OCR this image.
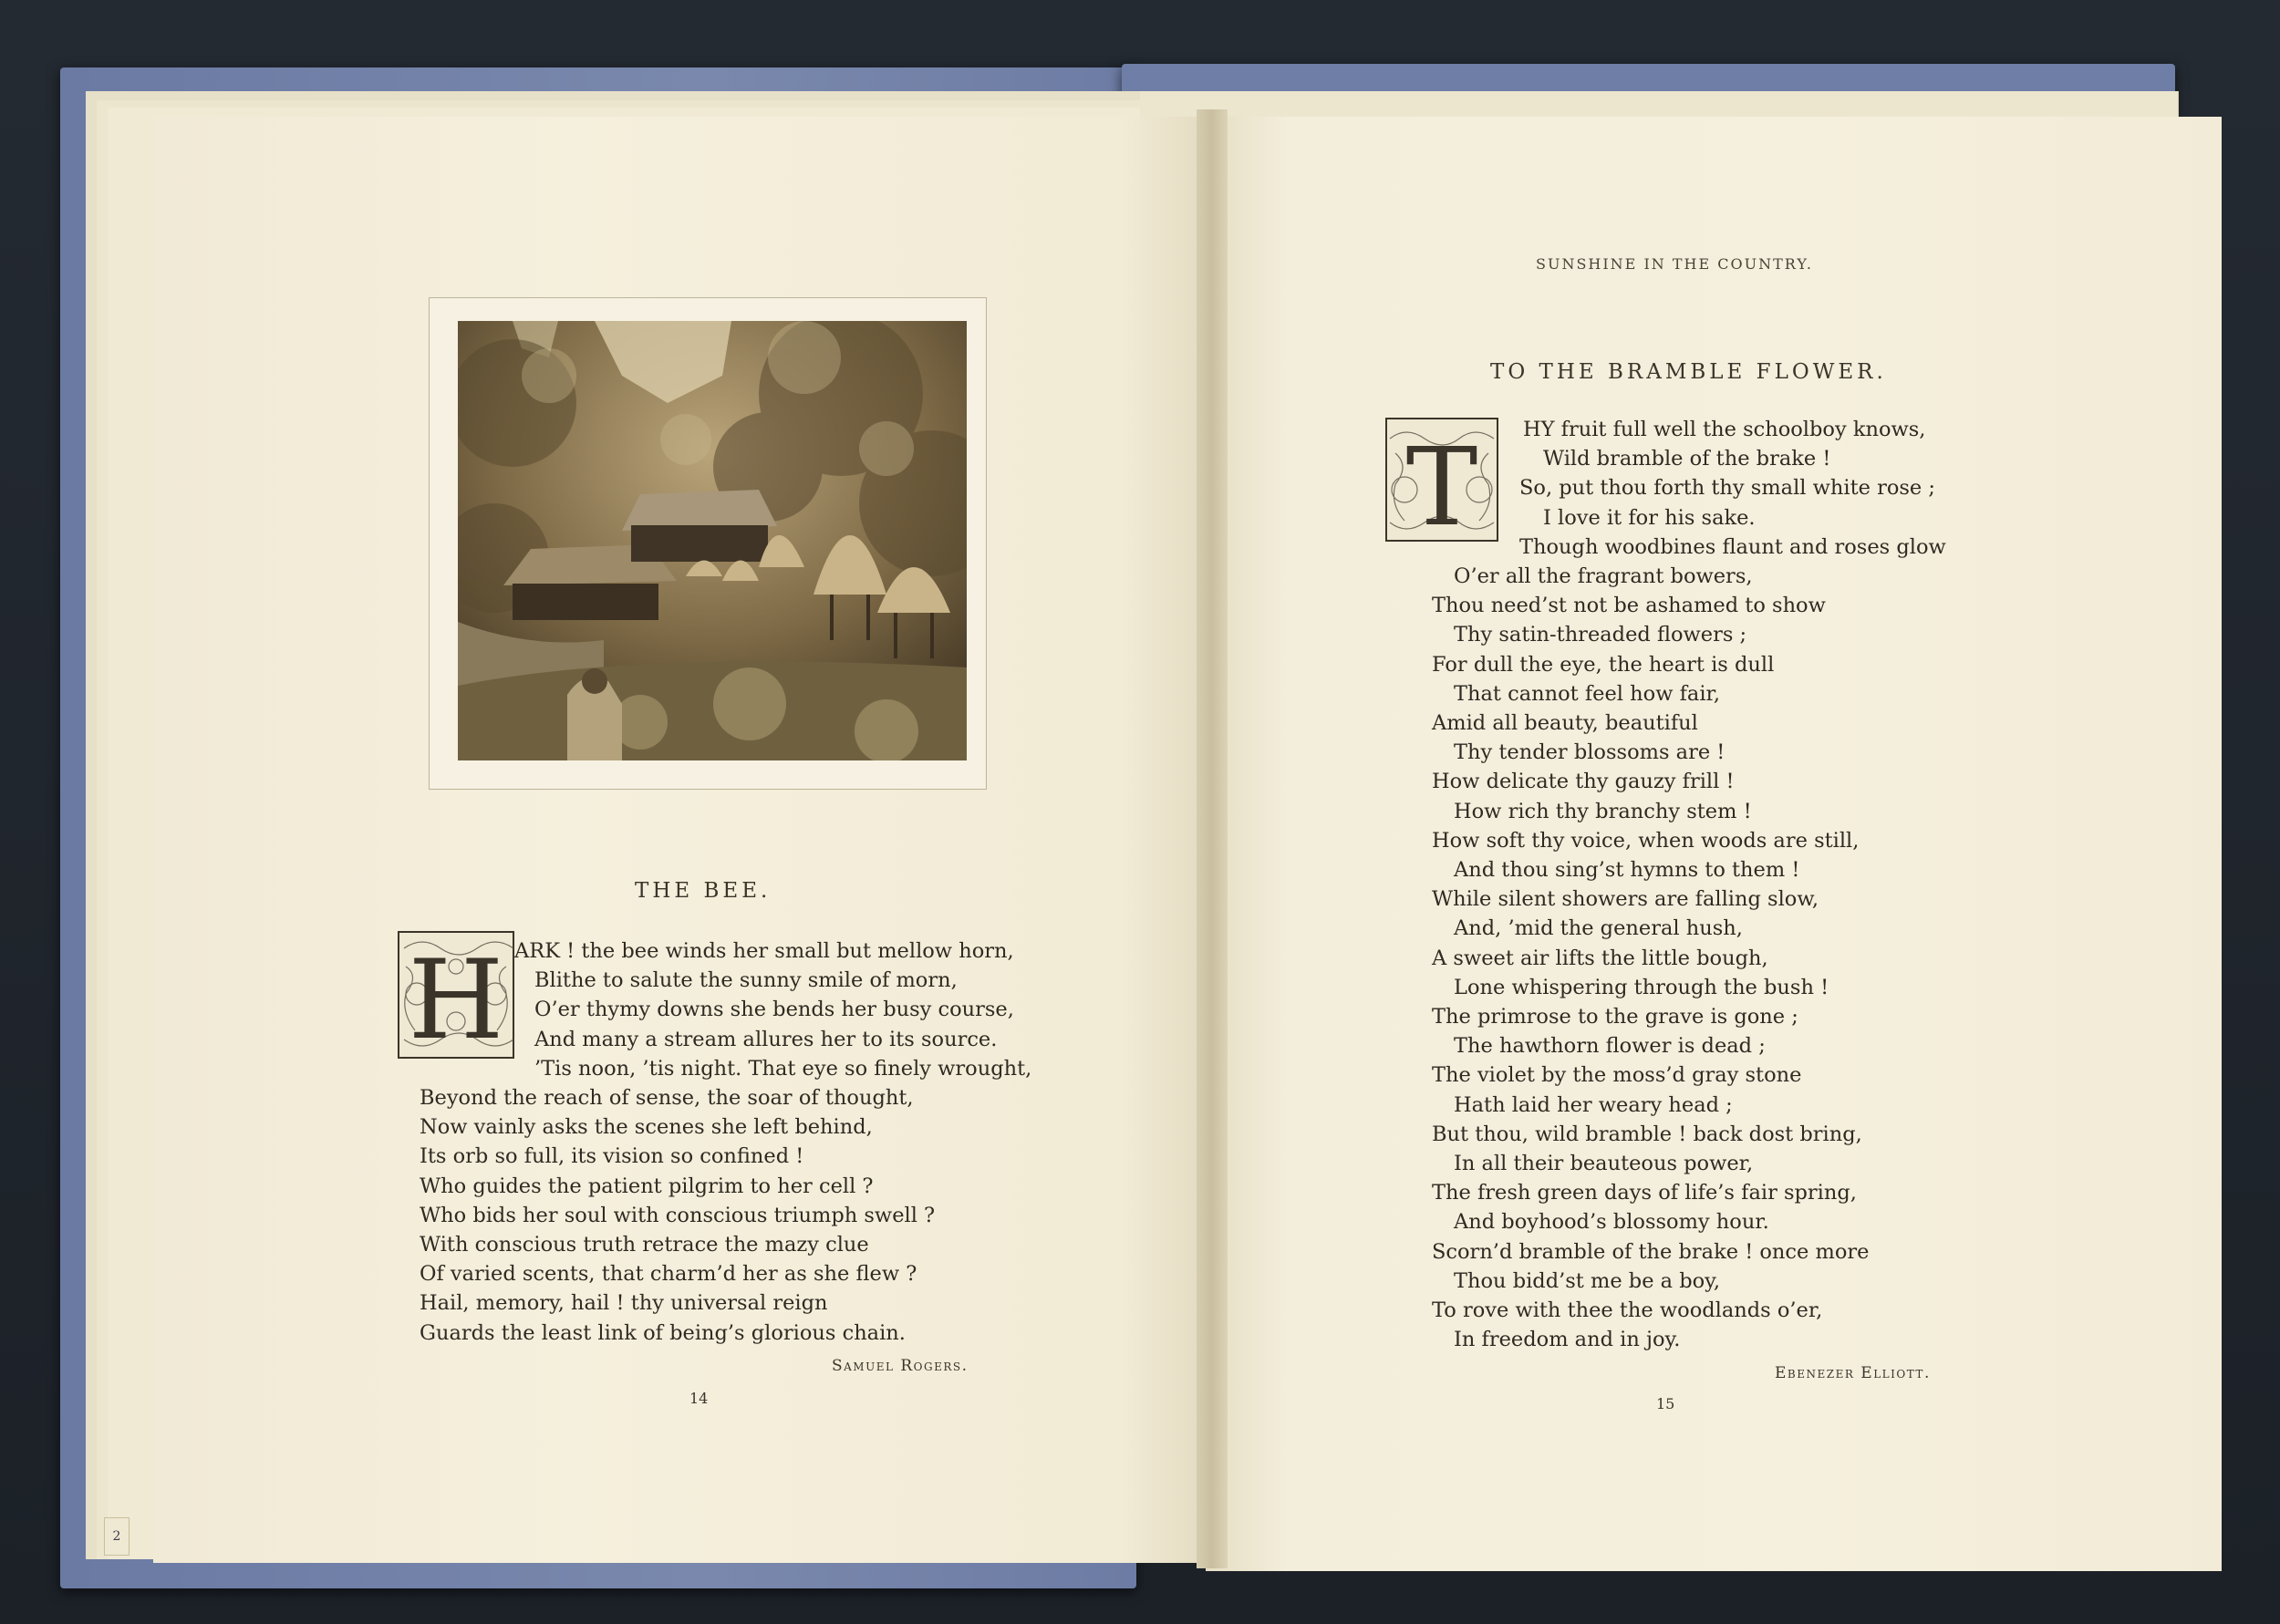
2
THE BEE.
H ARK ! the bee winds her small but mellow horn,
Blithe to salute the sunny smile of morn,
O’er thymy downs she bends her busy course,
And many a stream allures her to its source.
’Tis noon, ’tis night. That eye so finely wrought,
Beyond the reach of sense, the soar of thought,
Now vainly asks the scenes she left behind,
Its orb so full, its vision so confined !
Who guides the patient pilgrim to her cell ?
Who bids her soul with conscious triumph swell ?
With conscious truth retrace the mazy clue
Of varied scents, that charm’d her as she flew ?
Hail, memory, hail ! thy universal reign
Guards the least link of being’s glorious chain.
Samuel Rogers.
14
SUNSHINE IN THE COUNTRY.
TO THE BRAMBLE FLOWER.
T	HY fruit full well the schoolboy knows,
Wild bramble of the brake !
So, put thou forth thy small white rose ;
I love it for his sake.
Though woodbines flaunt and roses glow
O’er all the fragrant bowers,
Thou need’st not be ashamed to show
Thy satin-threaded flowers ;
For dull the eye, the heart is dull
That cannot feel how fair,
Amid all beauty, beautiful
Thy tender blossoms are !
How delicate thy gauzy frill !
How rich thy branchy stem !
How soft thy voice, when woods are still,
And thou sing’st hymns to them !
While silent showers are falling slow,
And, ’mid the general hush,
A sweet air lifts the little bough,
Lone whispering through the bush !
The primrose to the grave is gone ;
The hawthorn flower is dead ;
The violet by the moss’d gray stone
Hath laid her weary head ;
But thou, wild bramble ! back dost bring,
In all their beauteous power,
The fresh green days of life’s fair spring,
And boyhood’s blossomy hour.
Scorn’d bramble of the brake ! once more
Thou bidd’st me be a boy,
To rove with thee the woodlands o’er,
In freedom and in joy.
Ebenezer Elliott.
15
